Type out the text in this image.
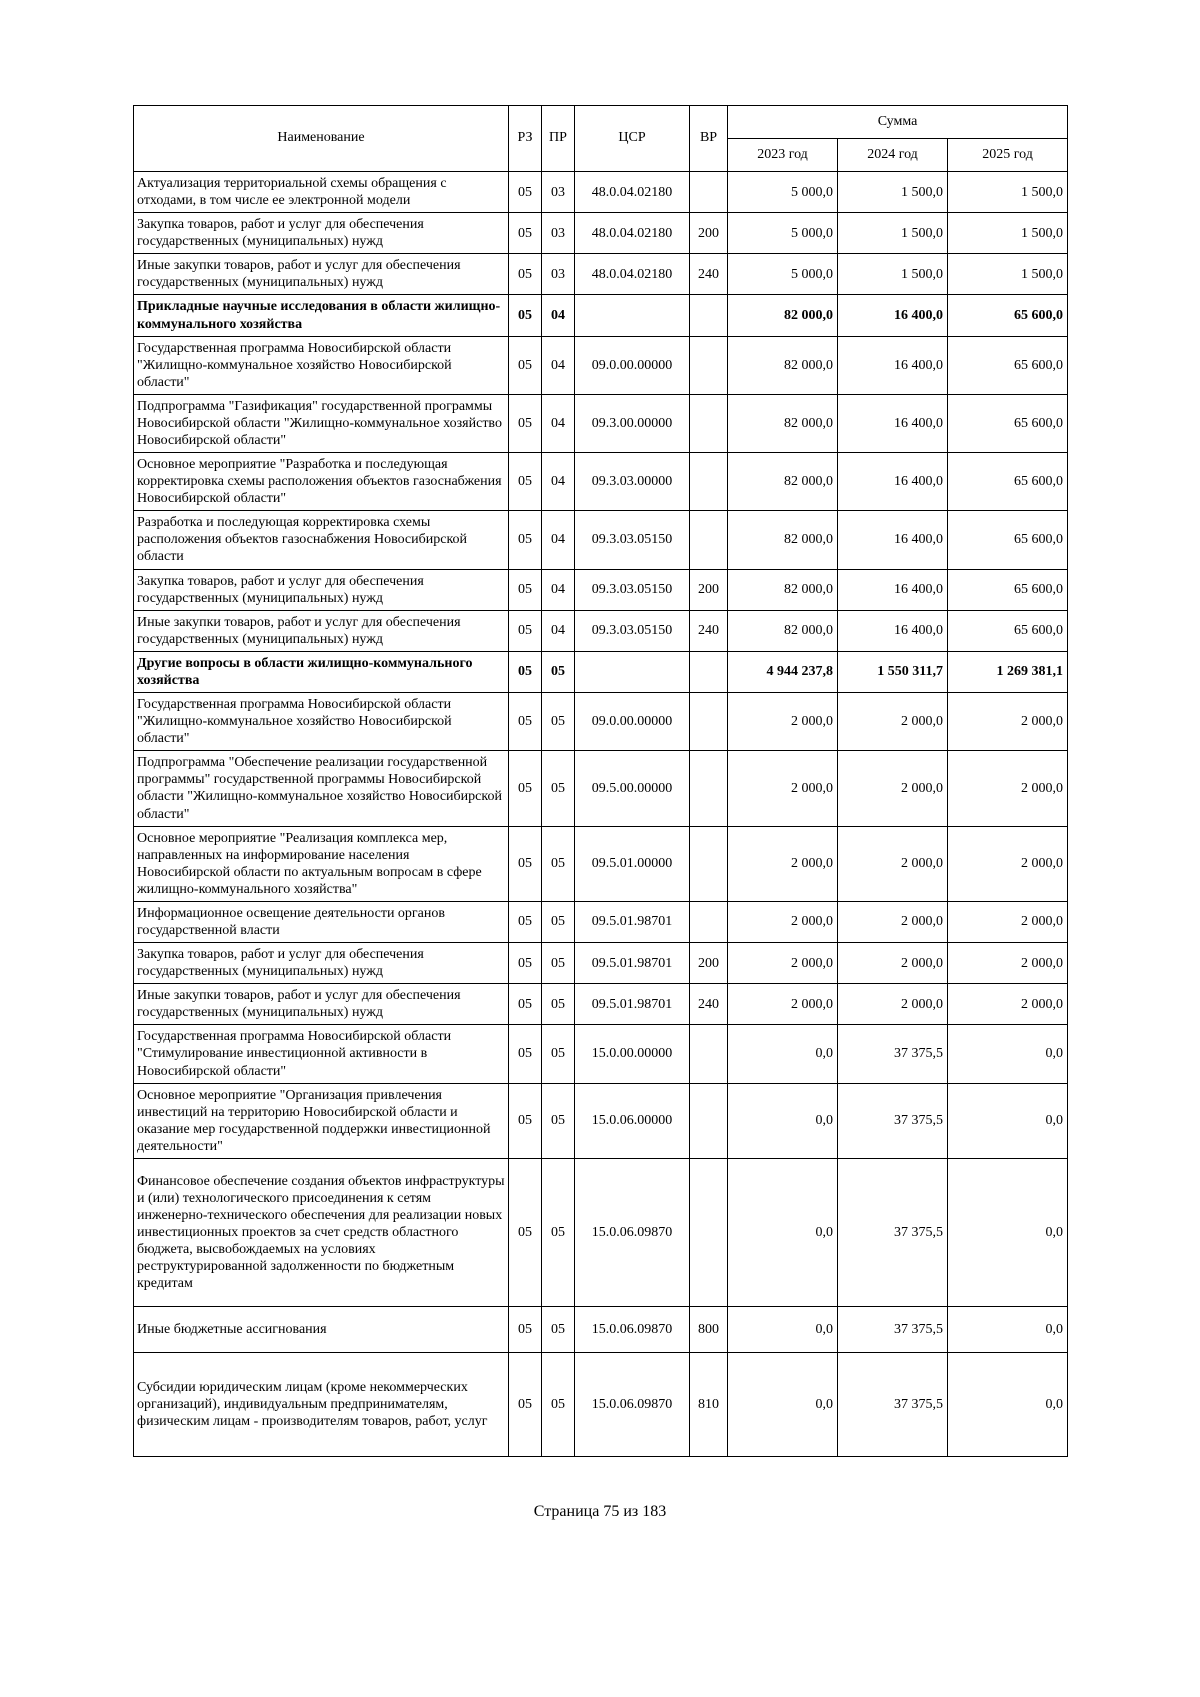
Наименование	РЗ	ПР	ЦСР	ВР	Сумма		
					2023 год	2024 год	2025 год
Актуализация территориальной схемы обращения с отходами, в том числе ее электронной модели	05	03	48.0.04.02180		5 000,0	1 500,0	1 500,0
Закупка товаров, работ и услуг для обеспечения государственных (муниципальных) нужд	05	03	48.0.04.02180	200	5 000,0	1 500,0	1 500,0
Иные закупки товаров, работ и услуг для обеспечения государственных (муниципальных) нужд	05	03	48.0.04.02180	240	5 000,0	1 500,0	1 500,0
Прикладные научные исследования в области жилищно-коммунального хозяйства	05	04			82 000,0	16 400,0	65 600,0
Государственная программа Новосибирской области "Жилищно-коммунальное хозяйство Новосибирской области"	05	04	09.0.00.00000		82 000,0	16 400,0	65 600,0
Подпрограмма "Газификация" государственной программы Новосибирской области "Жилищно-коммунальное хозяйство Новосибирской области"	05	04	09.3.00.00000		82 000,0	16 400,0	65 600,0
Основное мероприятие "Разработка и последующая корректировка схемы расположения объектов газоснабжения Новосибирской области"	05	04	09.3.03.00000		82 000,0	16 400,0	65 600,0
Разработка и последующая корректировка схемы расположения объектов газоснабжения Новосибирской области	05	04	09.3.03.05150		82 000,0	16 400,0	65 600,0
Закупка товаров, работ и услуг для обеспечения государственных (муниципальных) нужд	05	04	09.3.03.05150	200	82 000,0	16 400,0	65 600,0
Иные закупки товаров, работ и услуг для обеспечения государственных (муниципальных) нужд	05	04	09.3.03.05150	240	82 000,0	16 400,0	65 600,0
Другие вопросы в области жилищно-коммунального хозяйства	05	05			4 944 237,8	1 550 311,7	1 269 381,1
Государственная программа Новосибирской области "Жилищно-коммунальное хозяйство Новосибирской области"	05	05	09.0.00.00000		2 000,0	2 000,0	2 000,0
Подпрограмма "Обеспечение реализации государственной программы" государственной программы Новосибирской области "Жилищно-коммунальное хозяйство Новосибирской области"	05	05	09.5.00.00000		2 000,0	2 000,0	2 000,0
Основное мероприятие "Реализация комплекса мер, направленных на информирование населения Новосибирской области по актуальным вопросам в сфере жилищно-коммунального хозяйства"	05	05	09.5.01.00000		2 000,0	2 000,0	2 000,0
Информационное освещение деятельности органов государственной власти	05	05	09.5.01.98701		2 000,0	2 000,0	2 000,0
Закупка товаров, работ и услуг для обеспечения государственных (муниципальных) нужд	05	05	09.5.01.98701	200	2 000,0	2 000,0	2 000,0
Иные закупки товаров, работ и услуг для обеспечения государственных (муниципальных) нужд	05	05	09.5.01.98701	240	2 000,0	2 000,0	2 000,0
Государственная программа Новосибирской области "Стимулирование инвестиционной активности в Новосибирской области"	05	05	15.0.00.00000		0,0	37 375,5	0,0
Основное мероприятие "Организация привлечения инвестиций на территорию Новосибирской области и оказание мер государственной поддержки инвестиционной деятельности"	05	05	15.0.06.00000		0,0	37 375,5	0,0
Финансовое обеспечение создания объектов инфраструктуры и (или) технологического присоединения к сетям инженерно-технического обеспечения для реализации новых инвестиционных проектов за счет средств областного бюджета, высвобождаемых на условиях реструктурированной задолженности по бюджетным кредитам	05	05	15.0.06.09870		0,0	37 375,5	0,0
Иные бюджетные ассигнования	05	05	15.0.06.09870	800	0,0	37 375,5	0,0
Субсидии юридическим лицам (кроме некоммерческих организаций), индивидуальным предпринимателям, физическим лицам - производителям товаров, работ, услуг	05	05	15.0.06.09870	810	0,0	37 375,5	0,0
Страница 75 из 183
